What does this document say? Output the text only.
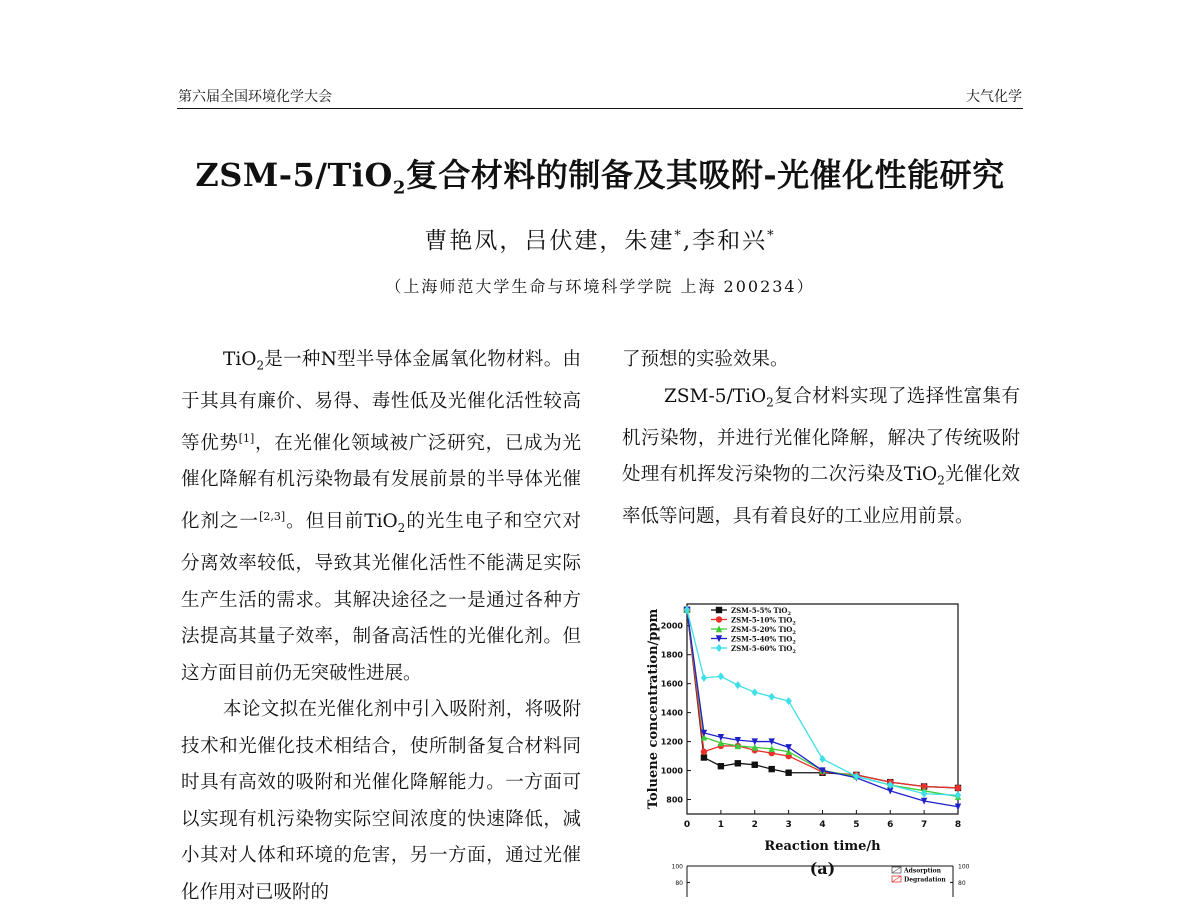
第六届全国环境化学大会	大气化学
ZSM-5/TiO$_2$复合材料的制备及其吸附-光催化性能研究
曹艳凤，吕伏建，朱建*,李和兴*
（上海师范大学生命与环境科学学院 上海 200234）

TiO$_2$是一种N型半导体金属氧化物材料。由于其具有廉价、易得、毒性低及光催化活性较高等优势[1]，在光催化领域被广泛研究，已成为光催化降解有机污染物最有发展前景的半导体光催化剂之一[2,3]。但目前TiO$_2$的光生电子和空穴对分离效率较低，导致其光催化活性不能满足实际生产生活的需求。其解决途径之一是通过各种方法提高其量子效率，制备高活性的光催化剂。但这方面目前仍无突破性进展。

本论文拟在光催化剂中引入吸附剂，将吸附技术和光催化技术相结合，使所制备复合材料同时具有高效的吸附和光催化降解能力。一方面可以实现有机污染物实际空间浓度的快速降低，减小其对人体和环境的危害，另一方面，通过光催化作用对已吸附的

了预想的实验效果。

ZSM-5/TiO$_2$复合材料实现了选择性富集有机污染物，并进行光催化降解，解决了传统吸附处理有机挥发污染物的二次污染及TiO$_2$光催化效率低等问题，具有着良好的工业应用前景。

0	1	2	3	4	5	6	7	8
800
1000
1200
1400
1600
1800
2000
Reaction time/h
Toluene concentration/ppm
(a)
ZSM-5-5% TiO$_2$
ZSM-5-10% TiO$_2$
ZSM-5-20% TiO$_2$
ZSM-5-40% TiO$_2$
ZSM-5-60% TiO$_2$
100
80
100
80
Adsorption
Degradation
